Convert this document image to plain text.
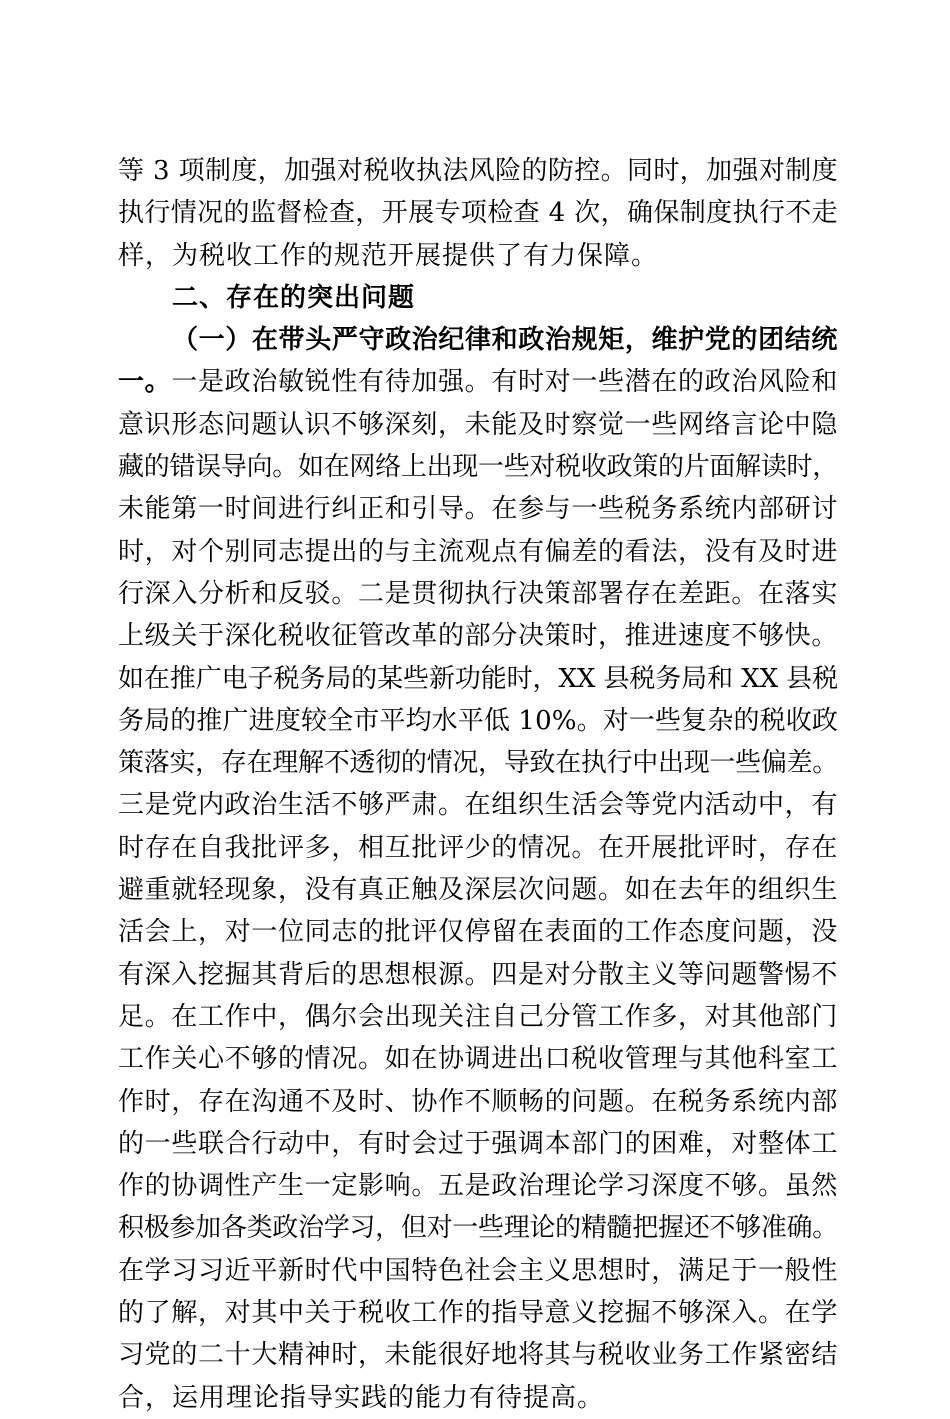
等 3 项制度，加强对税收执法风险的防控。同时，加强对制度
执行情况的监督检查，开展专项检查 4 次，确保制度执行不走
样，为税收工作的规范开展提供了有力保障。
二、存在的突出问题
（一）在带头严守政治纪律和政治规矩，维护党的团结统
一。一是政治敏锐性有待加强。有时对一些潜在的政治风险和
意识形态问题认识不够深刻，未能及时察觉一些网络言论中隐
藏的错误导向。如在网络上出现一些对税收政策的片面解读时，
未能第一时间进行纠正和引导。在参与一些税务系统内部研讨
时，对个别同志提出的与主流观点有偏差的看法，没有及时进
行深入分析和反驳。二是贯彻执行决策部署存在差距。在落实
上级关于深化税收征管改革的部分决策时，推进速度不够快。
如在推广电子税务局的某些新功能时，XX 县税务局和 XX 县税
务局的推广进度较全市平均水平低 10%。对一些复杂的税收政
策落实，存在理解不透彻的情况，导致在执行中出现一些偏差。
三是党内政治生活不够严肃。在组织生活会等党内活动中，有
时存在自我批评多，相互批评少的情况。在开展批评时，存在
避重就轻现象，没有真正触及深层次问题。如在去年的组织生
活会上，对一位同志的批评仅停留在表面的工作态度问题，没
有深入挖掘其背后的思想根源。四是对分散主义等问题警惕不
足。在工作中，偶尔会出现关注自己分管工作多，对其他部门
工作关心不够的情况。如在协调进出口税收管理与其他科室工
作时，存在沟通不及时、协作不顺畅的问题。在税务系统内部
的一些联合行动中，有时会过于强调本部门的困难，对整体工
作的协调性产生一定影响。五是政治理论学习深度不够。虽然
积极参加各类政治学习，但对一些理论的精髓把握还不够准确。
在学习习近平新时代中国特色社会主义思想时，满足于一般性
的了解，对其中关于税收工作的指导意义挖掘不够深入。在学
习党的二十大精神时，未能很好地将其与税收业务工作紧密结
合，运用理论指导实践的能力有待提高。
